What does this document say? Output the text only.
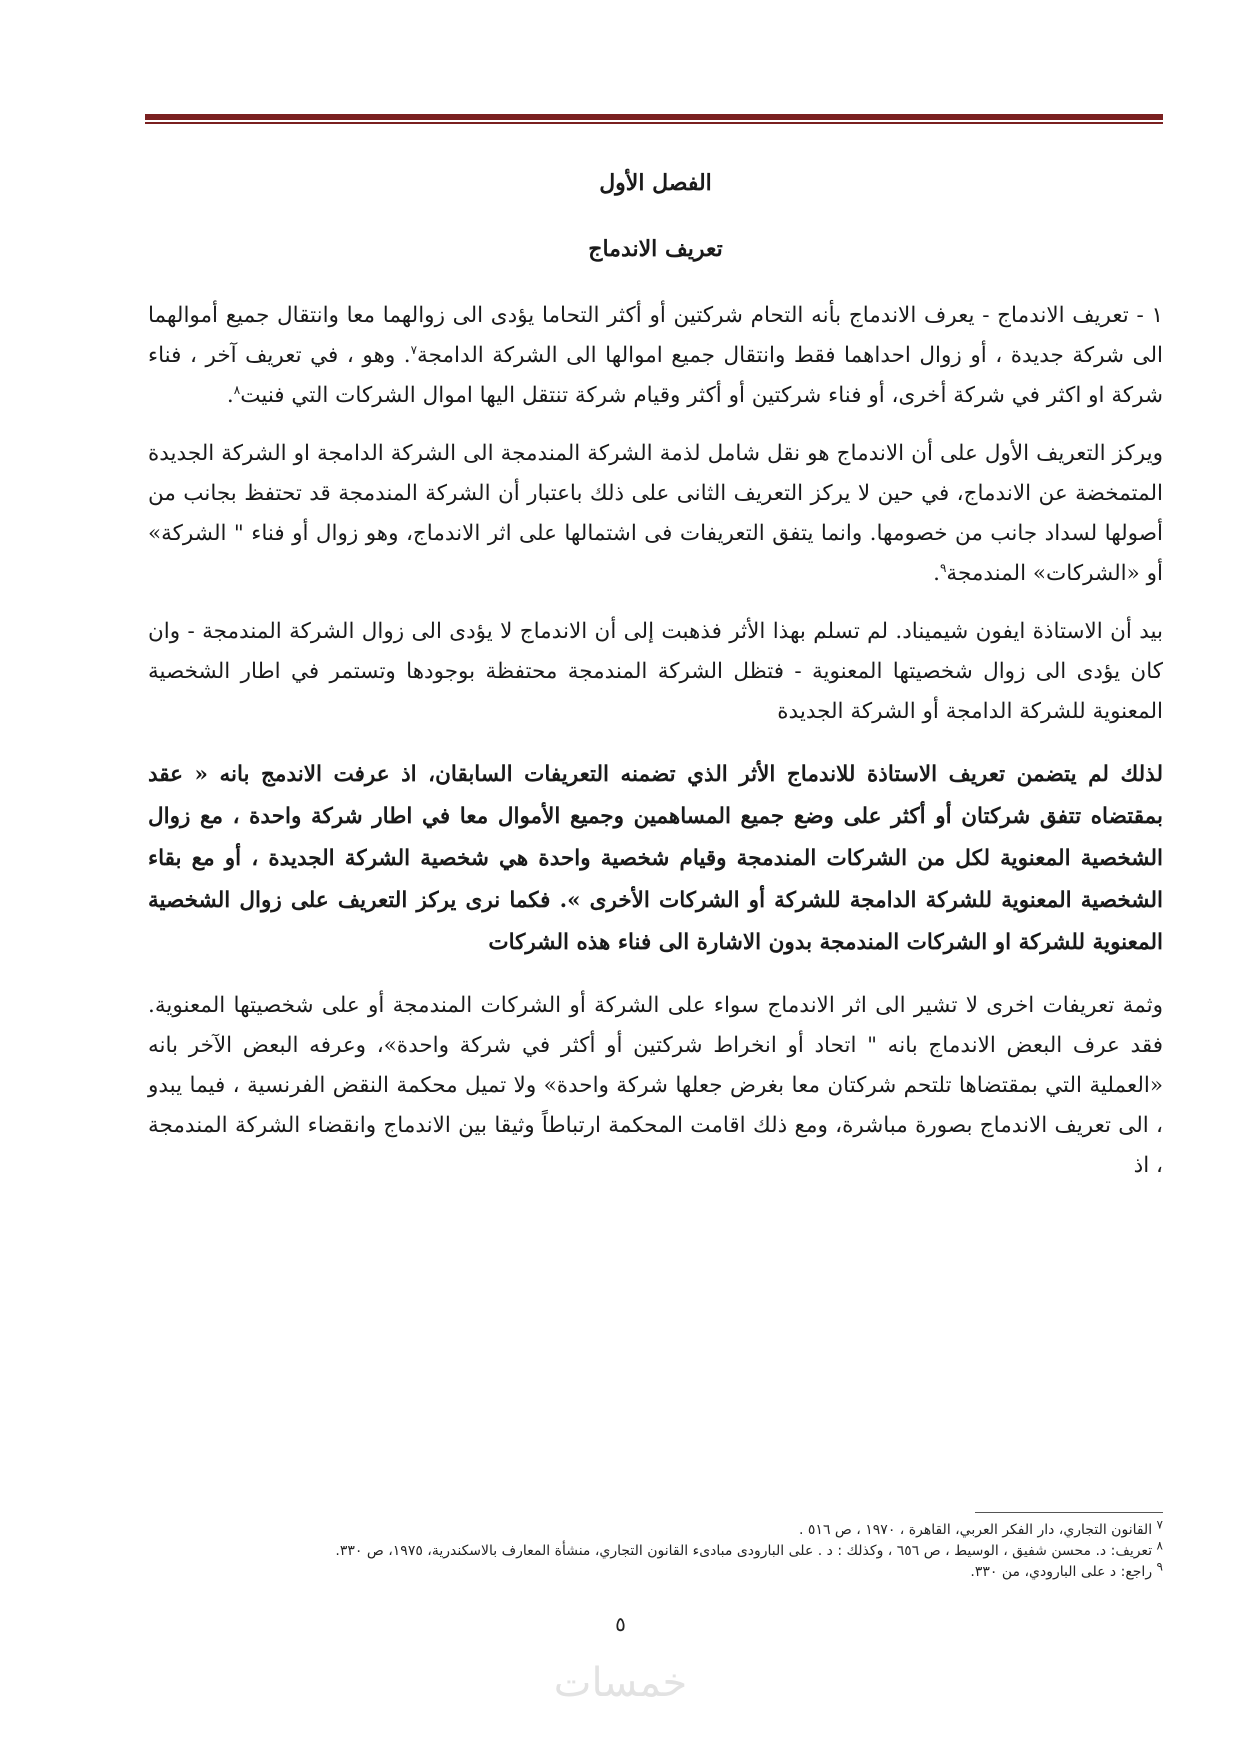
الفصل الأول
تعريف الاندماج

١ - تعريف الاندماج - يعرف الاندماج بأنه التحام شركتين أو أكثر التحاما يؤدى الى زوالهما معا وانتقال جميع أموالهما الى شركة جديدة ، أو زوال احداهما فقط وانتقال جميع اموالها الى الشركة الدامجة$^٧$. وهو ، في تعريف آخر ، فناء شركة او اكثر في شركة أخرى، أو فناء شركتين أو أكثر وقيام شركة تنتقل اليها اموال الشركات التي فنيت$^٨$.

ويركز التعريف الأول على أن الاندماج هو نقل شامل لذمة الشركة المندمجة الى الشركة الدامجة او الشركة الجديدة المتمخضة عن الاندماج، في حين لا يركز التعريف الثانى على ذلك باعتبار أن الشركة المندمجة قد تحتفظ بجانب من أصولها لسداد جانب من خصومها. وانما يتفق التعريفات فى اشتمالها على اثر الاندماج، وهو زوال أو فناء " الشركة» أو «الشركات» المندمجة$^٩$.

بيد أن الاستاذة ايفون شيميناد. لم تسلم بهذا الأثر فذهبت إلى أن الاندماج لا يؤدى الى زوال الشركة المندمجة - وان كان يؤدى الى زوال شخصيتها المعنوية - فتظل الشركة المندمجة محتفظة بوجودها وتستمر في اطار الشخصية المعنوية للشركة الدامجة أو الشركة الجديدة

لذلك لم يتضمن تعريف الاستاذة للاندماج الأثر الذي تضمنه التعريفات السابقان، اذ عرفت الاندمج بانه « عقد بمقتضاه تتفق شركتان أو أكثر على وضع جميع المساهمين وجميع الأموال معا في اطار شركة واحدة ، مع زوال الشخصية المعنوية لكل من الشركات المندمجة وقيام شخصية واحدة هي شخصية الشركة الجديدة ، أو مع بقاء الشخصية المعنوية للشركة الدامجة للشركة أو الشركات الأخرى ». فكما نرى يركز التعريف على زوال الشخصية المعنوية للشركة او الشركات المندمجة بدون الاشارة الى فناء هذه الشركات

وثمة تعريفات اخرى لا تشير الى اثر الاندماج سواء على الشركة أو الشركات المندمجة أو على شخصيتها المعنوية. فقد عرف البعض الاندماج بانه " اتحاد أو انخراط شركتين أو أكثر في شركة واحدة»، وعرفه البعض الآخر بانه «العملية التي بمقتضاها تلتحم شركتان معا بغرض جعلها شركة واحدة» ولا تميل محكمة النقض الفرنسية ، فيما يبدو ، الى تعريف الاندماج بصورة مباشرة، ومع ذلك اقامت المحكمة ارتباطاً وثيقا بين الاندماج وانقضاء الشركة المندمجة ، اذ

$^٧$ القانون التجاري، دار الفكر العربي، القاهرة ، ١٩٧٠ ، ص ٥١٦ .

$^٨$ تعريف: د. محسن شفيق ، الوسيط ، ص ٦٥٦ ، وكذلك : د . على البارودى مبادىء القانون التجاري، منشأة المعارف بالاسكندرية، ١٩٧٥، ص ٣٣٠.

$^٩$ راجع: د على البارودي، من ٣٣٠.

٥
خمسات
